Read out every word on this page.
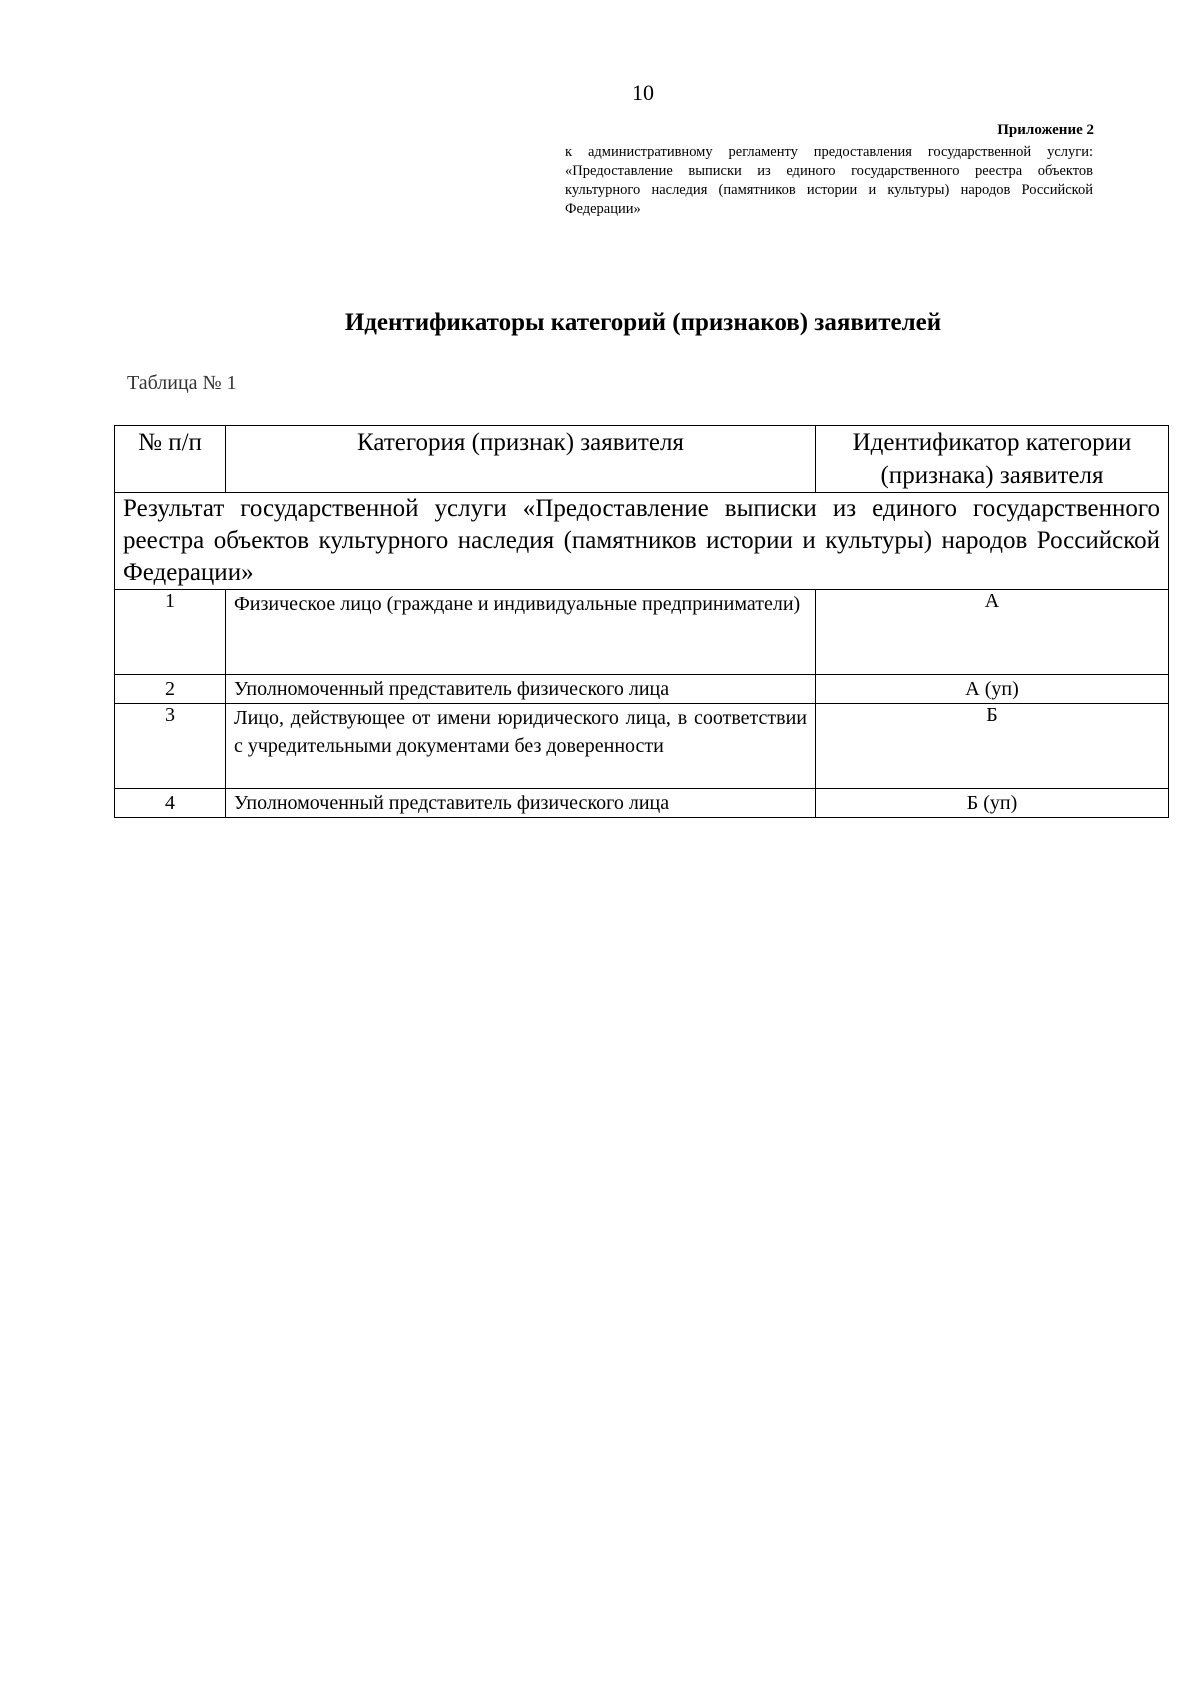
10
Приложение 2
к административному регламенту предоставления государственной услуги: «Предоставление выписки из единого государственного реестра объектов культурного наследия (памятников истории и культуры) народов Российской Федерации»
Идентификаторы категорий (признаков) заявителей
Таблица № 1
№ п/п	Категория (признак) заявителя	Идентификатор категории (признака) заявителя
Результат государственной услуги «Предоставление выписки из единого государственного реестра объектов культурного наследия (памятников истории и культуры) народов Российской Федерации»		
1	Физическое лицо (граждане и индивидуальные предприниматели)	А
2	Уполномоченный представитель физического лица	А (уп)
3	Лицо, действующее от имени юридического лица, в соответствии с учредительными документами без доверенности	Б
4	Уполномоченный представитель физического лица	Б (уп)
